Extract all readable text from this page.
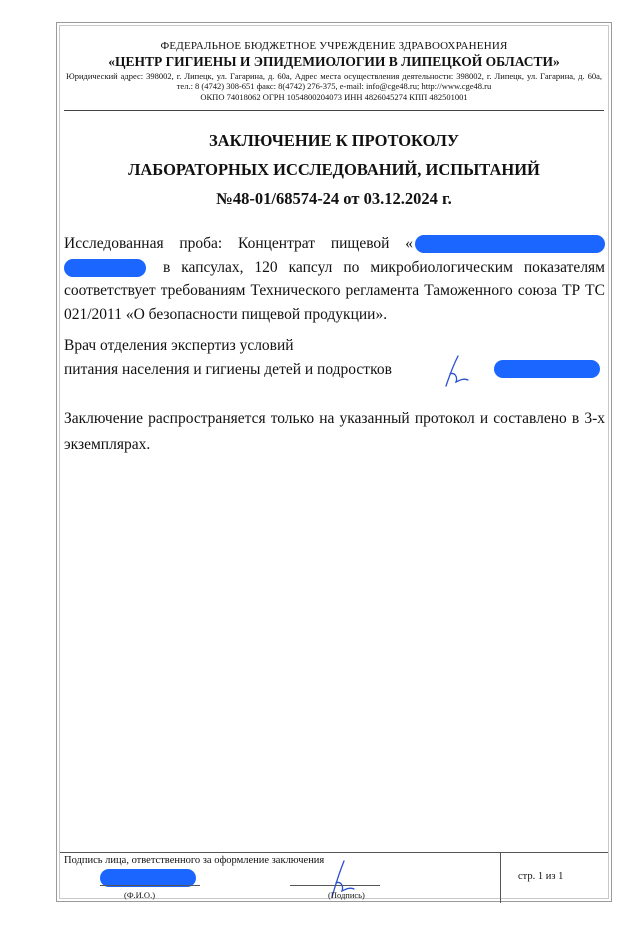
ФЕДЕРАЛЬНОЕ БЮДЖЕТНОЕ УЧРЕЖДЕНИЕ ЗДРАВООХРАНЕНИЯ
«ЦЕНТР ГИГИЕНЫ И ЭПИДЕМИОЛОГИИ В ЛИПЕЦКОЙ ОБЛАСТИ»
Юридический адрес: 398002, г. Липецк, ул. Гагарина, д. 60а, Адрес места осуществления деятельности: 398002, г. Липецк, ул. Гагарина, д. 60а, тел.: 8 (4742) 308-651 факс: 8(4742) 276-375, e-mail: info@cge48.ru; http://www.cge48.ru
ОКПО 74018062 ОГРН 1054800204073 ИНН 4826045274 КПП 482501001
ЗАКЛЮЧЕНИЕ К ПРОТОКОЛУ
ЛАБОРАТОРНЫХ ИССЛЕДОВАНИЙ, ИСПЫТАНИЙ
№48-01/68574-24 от 03.12.2024 г.
Исследованная проба: Концентрат пищевой «  в капсулах, 120 капсул по микробиологическим показателям соответствует требованиям Технического регламента Таможенного союза ТР ТС 021/2011 «О безопасности пищевой продукции».
Врач отделения экспертиз условий
питания населения и гигиены детей и подростков
Заключение распространяется только на указанный протокол и составлено в 3-х экземплярах.
Подпись лица, ответственного за оформление заключения
(Ф.И.О.)	(Подпись)
стр. 1 из 1
